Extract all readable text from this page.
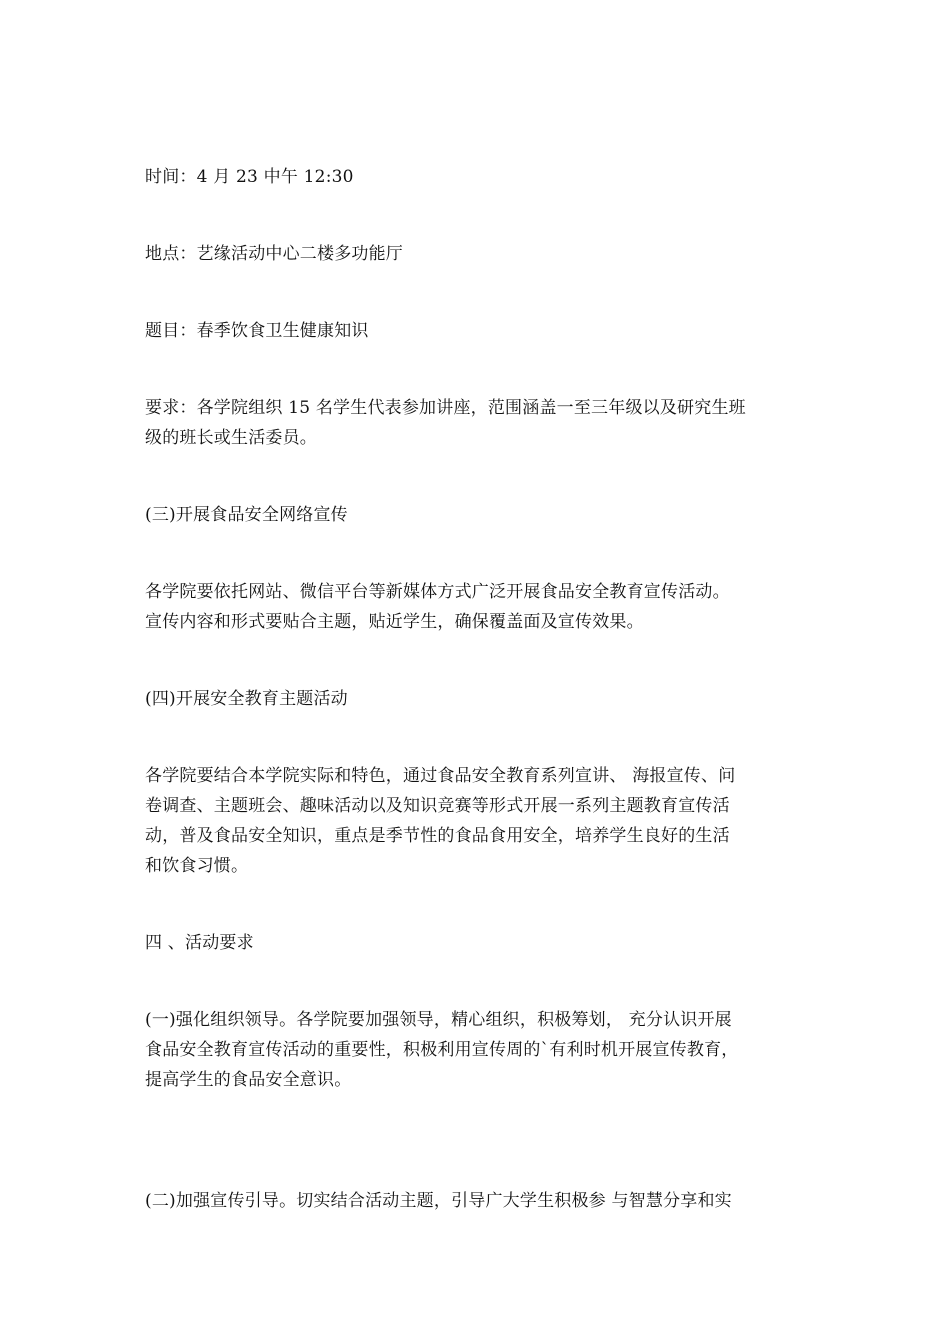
时间：4 月 23 中午 12:30
地点：艺缘活动中心二楼多功能厅
题目：春季饮食卫生健康知识
要求：各学院组织 15 名学生代表参加讲座，范围涵盖一至三年级以及研究生班
级的班长或生活委员。
(三)开展食品安全网络宣传
各学院要依托网站、微信平台等新媒体方式广泛开展食品安全教育宣传活动。
宣传内容和形式要贴合主题，贴近学生，确保覆盖面及宣传效果。
(四)开展安全教育主题活动
各学院要结合本学院实际和特色，通过食品安全教育系列宣讲、 海报宣传、问
卷调查、主题班会、趣味活动以及知识竞赛等形式开展一系列主题教育宣传活
动，普及食品安全知识，重点是季节性的食品食用安全，培养学生良好的生活
和饮食习惯。
四 、活动要求
(一)强化组织领导。各学院要加强领导，精心组织，积极筹划， 充分认识开展
食品安全教育宣传活动的重要性，积极利用宣传周的`有利时机开展宣传教育，
提高学生的食品安全意识。
(二)加强宣传引导。切实结合活动主题，引导广大学生积极参 与智慧分享和实
